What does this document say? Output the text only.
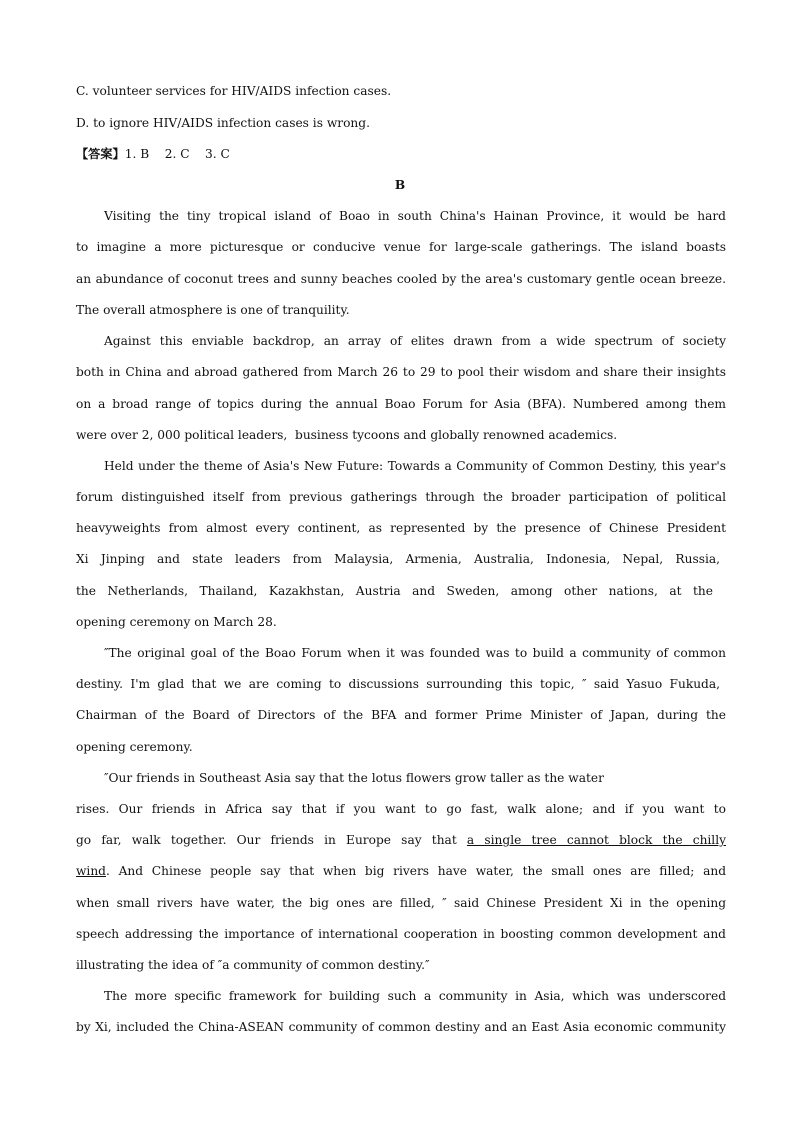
C. volunteer services for HIV/AIDS infection cases.
D. to ignore HIV/AIDS infection cases is wrong.
【答案】1. B    2. C    3. C
B
Visiting the tiny tropical island of Boao in south China's Hainan Province, it would be hard
to imagine a more picturesque or conducive venue for large-scale gatherings. The island boasts
an abundance of coconut trees and sunny beaches cooled by the area's customary gentle ocean breeze.
The overall atmosphere is one of tranquility.
Against this enviable backdrop, an array of elites drawn from a wide spectrum of society
both in China and abroad gathered from March 26 to 29 to pool their wisdom and share their insights
on a broad range of topics during the annual Boao Forum for Asia (BFA). Numbered among them
were over 2, 000 political leaders,  business tycoons and globally renowned academics.
Held under the theme of Asia's New Future: Towards a Community of Common Destiny, this year's
forum distinguished itself from previous gatherings through the broader participation of political
heavyweights from almost every continent, as represented by the presence of Chinese President
Xi Jinping and state leaders from Malaysia, Armenia, Australia, Indonesia, Nepal, Russia,
the Netherlands, Thailand, Kazakhstan, Austria and Sweden, among other nations, at the
opening ceremony on March 28.
″The original goal of the Boao Forum when it was founded was to build a community of common
destiny. I'm glad that we are coming to discussions surrounding this topic, ″ said Yasuo Fukuda,
Chairman of the Board of Directors of the BFA and former Prime Minister of Japan, during the
opening ceremony.
″Our friends in Southeast Asia say that the lotus flowers grow taller as the water
rises. Our friends in Africa say that if you want to go fast, walk alone; and if you want to
go far, walk together. Our friends in Europe say that a single tree cannot block the chilly
wind. And Chinese people say that when big rivers have water, the small ones are filled; and
when small rivers have water, the big ones are filled, ″ said Chinese President Xi in the opening
speech addressing the importance of international cooperation in boosting common development and
illustrating the idea of ″a community of common destiny.″
The more specific framework for building such a community in Asia, which was underscored
by Xi, included the China-ASEAN community of common destiny and an East Asia economic community
